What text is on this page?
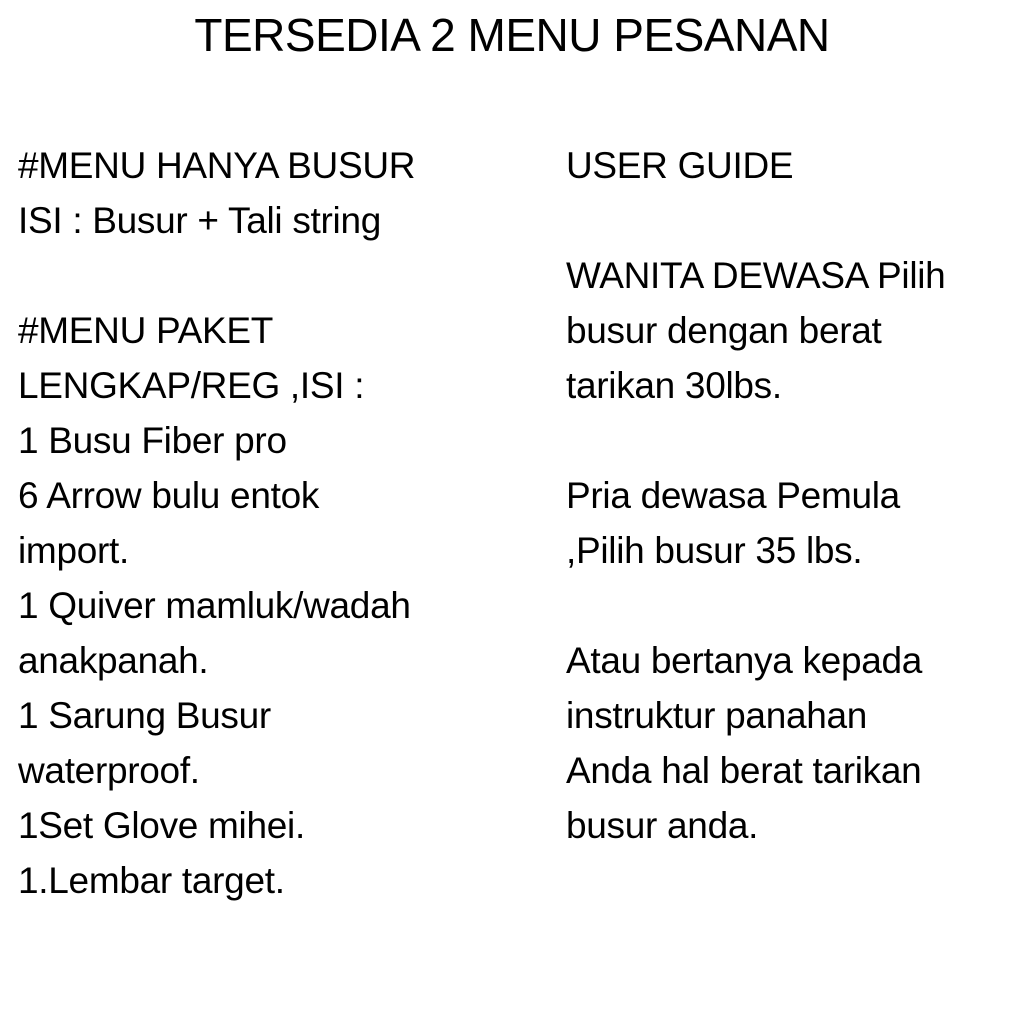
TERSEDIA 2 MENU PESANAN
#MENU HANYA BUSUR
ISI : Busur + Tali string
#MENU PAKET
LENGKAP/REG ,ISI :
1 Busu Fiber pro
6 Arrow bulu entok
import.
1 Quiver mamluk/wadah
anakpanah.
1 Sarung Busur
waterproof.
1Set Glove mihei.
1.Lembar target.
USER GUIDE
WANITA DEWASA Pilih
busur dengan berat
tarikan 30lbs.
Pria dewasa Pemula
,Pilih busur 35 lbs.
Atau bertanya kepada
instruktur panahan
Anda hal berat tarikan
busur anda.
